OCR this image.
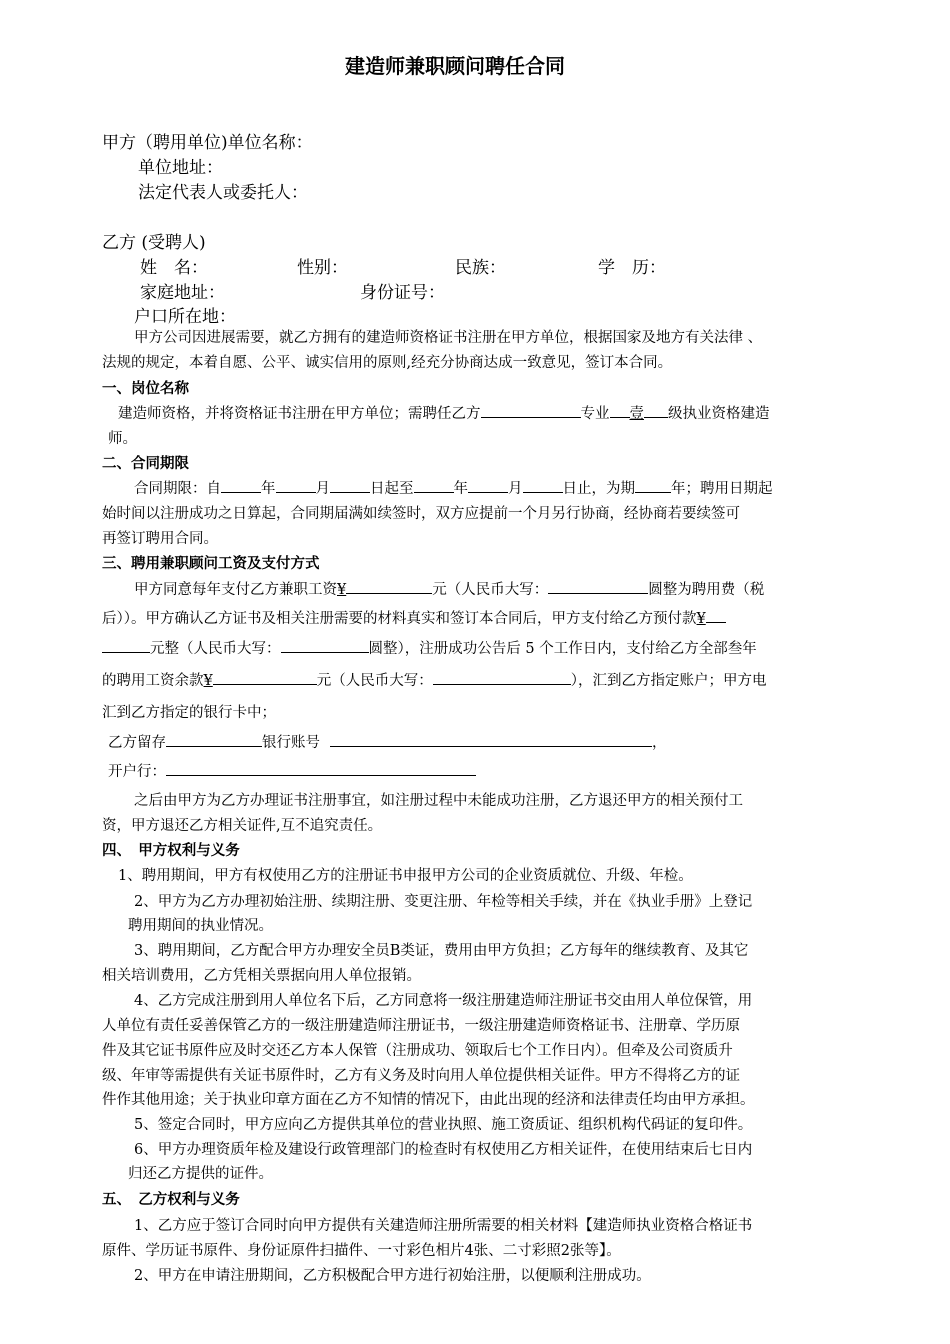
建造师兼职顾问聘任合同
甲方（聘用单位)单位名称：
单位地址：
法定代表人或委托人：
乙方 (受聘人)
姓　名：	性别：	民族：	学　历：
家庭地址：	身份证号：
户口所在地：
甲方公司因进展需要，就乙方拥有的建造师资格证书注册在甲方单位，根据国家及地方有关法律 、
法规的规定，本着自愿、公平、诚实信用的原则,经充分协商达成一致意见，签订本合同。
一、岗位名称
建造师资格，并将资格证书注册在甲方单位；需聘任乙方	专业 壹 级执业资格建造
师。
二、合同期限
合同期限：自	年	月	日起至	年	月	日止，为期 年；聘用日期起
始时间以注册成功之日算起，合同期届满如续签时，双方应提前一个月另行协商，经协商若要续签可
再签订聘用合同。
三、聘用兼职顾问工资及支付方式
甲方同意每年支付乙方兼职工资¥	元（人民币大写：	圆整为聘用费（税
后））。甲方确认乙方证书及相关注册需要的材料真实和签订本合同后，甲方支付给乙方预付款¥
元整（人民币大写：	圆整），注册成功公告后 5 个工作日内，支付给乙方全部叁年
的聘用工资余款¥	元（人民币大写：	），汇到乙方指定账户；甲方电
汇到乙方指定的银行卡中；
乙方留存	银行账号	，
开户行：
之后由甲方为乙方办理证书注册事宜，如注册过程中未能成功注册，乙方退还甲方的相关预付工
资，甲方退还乙方相关证件,互不追究责任。
四、　甲方权利与义务
1、聘用期间，甲方有权使用乙方的注册证书申报甲方公司的企业资质就位、升级、年检。
2、甲方为乙方办理初始注册、续期注册、变更注册、年检等相关手续，并在《执业手册》上登记
聘用期间的执业情况。
3、聘用期间，乙方配合甲方办理安全员B类证，费用由甲方负担；乙方每年的继续教育、及其它
相关培训费用，乙方凭相关票据向用人单位报销。
4、乙方完成注册到用人单位名下后，乙方同意将一级注册建造师注册证书交由用人单位保管，用
人单位有责任妥善保管乙方的一级注册建造师注册证书，一级注册建造师资格证书、注册章、学历原
件及其它证书原件应及时交还乙方本人保管（注册成功、领取后七个工作日内）。但牵及公司资质升
级、年审等需提供有关证书原件时，乙方有义务及时向用人单位提供相关证件。甲方不得将乙方的证
件作其他用途；关于执业印章方面在乙方不知情的情况下，由此出现的经济和法律责任均由甲方承担。
5、签定合同时，甲方应向乙方提供其单位的营业执照、施工资质证、组织机构代码证的复印件。
6、甲方办理资质年检及建设行政管理部门的检查时有权使用乙方相关证件，在使用结束后七日内
归还乙方提供的证件。
五、　乙方权利与义务
1、乙方应于签订合同时向甲方提供有关建造师注册所需要的相关材料【建造师执业资格合格证书
原件、学历证书原件、身份证原件扫描件、一寸彩色相片4张、二寸彩照2张等】。
2、甲方在申请注册期间，乙方积极配合甲方进行初始注册，以便顺利注册成功。
